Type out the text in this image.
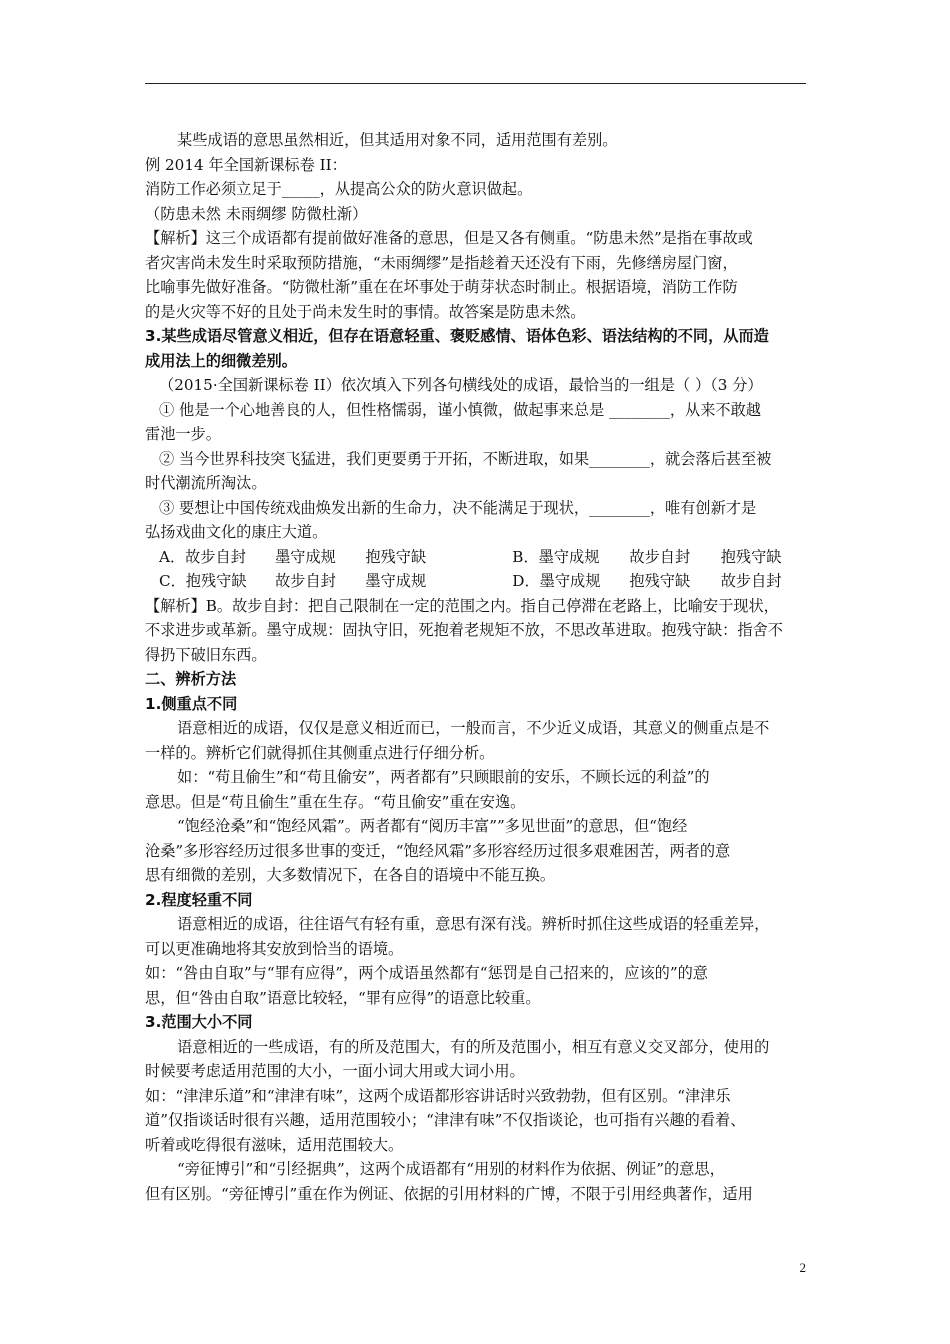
某些成语的意思虽然相近，但其适用对象不同，适用范围有差别。
例 2014 年全国新课标卷 II：
消防工作必须立足于_____，从提高公众的防火意识做起。
（防患未然 未雨绸缪 防微杜渐）
【解析】这三个成语都有提前做好准备的意思，但是又各有侧重。“防患未然”是指在事故或
者灾害尚未发生时采取预防措施，“未雨绸缪”是指趁着天还没有下雨，先修缮房屋门窗，
比喻事先做好准备。“防微杜渐”重在在坏事处于萌芽状态时制止。根据语境，消防工作防
的是火灾等不好的且处于尚未发生时的事情。故答案是防患未然。
3.某些成语尽管意义相近，但存在语意轻重、褒贬感情、语体色彩、语法结构的不同，从而造
成用法上的细微差别。
（2015·全国新课标卷 II）依次填入下列各句横线处的成语，最恰当的一组是（ ）（3 分）
① 他是一个心地善良的人，但性格懦弱，谨小慎微，做起事来总是 ________，从来不敢越
雷池一步。
② 当今世界科技突飞猛进，我们更要勇于开拓，不断进取，如果________，就会落后甚至被
时代潮流所淘汰。
③ 要想让中国传统戏曲焕发出新的生命力，决不能满足于现状，________，唯有创新才是
弘扬戏曲文化的康庄大道。
A．故步自封	墨守成规	抱残守缺	B．墨守成规	故步自封	抱残守缺
C．抱残守缺	故步自封	墨守成规	D．墨守成规	抱残守缺	故步自封
【解析】B。故步自封：把自己限制在一定的范围之内。指自己停滞在老路上，比喻安于现状，
不求进步或革新。墨守成规：固执守旧，死抱着老规矩不放，不思改革进取。抱残守缺：指舍不
得扔下破旧东西。
二、辨析方法
1.侧重点不同
语意相近的成语，仅仅是意义相近而已，一般而言，不少近义成语，其意义的侧重点是不
一样的。辨析它们就得抓住其侧重点进行仔细分析。
如：“苟且偷生”和“苟且偷安”，两者都有”只顾眼前的安乐，不顾长远的利益”的
意思。但是“苟且偷生”重在生存。“苟且偷安”重在安逸。
“饱经沧桑”和“饱经风霜”。两者都有“阅历丰富””多见世面”的意思，但“饱经
沧桑”多形容经历过很多世事的变迁，“饱经风霜”多形容经历过很多艰难困苦，两者的意
思有细微的差别，大多数情况下，在各自的语境中不能互换。
2.程度轻重不同
语意相近的成语，往往语气有轻有重，意思有深有浅。辨析时抓住这些成语的轻重差异，
可以更准确地将其安放到恰当的语境。
如：“咎由自取”与“罪有应得”，两个成语虽然都有“惩罚是自己招来的，应该的”的意
思，但“咎由自取”语意比较轻，“罪有应得”的语意比较重。
3.范围大小不同
语意相近的一些成语，有的所及范围大，有的所及范围小，相互有意义交叉部分，使用的
时候要考虑适用范围的大小，一面小词大用或大词小用。
如：“津津乐道”和“津津有味”，这两个成语都形容讲话时兴致勃勃，但有区别。“津津乐
道”仅指谈话时很有兴趣，适用范围较小；“津津有味”不仅指谈论，也可指有兴趣的看着、
听着或吃得很有滋味，适用范围较大。
“旁征博引”和“引经据典”，这两个成语都有“用别的材料作为依据、例证”的意思，
但有区别。“旁征博引”重在作为例证、依据的引用材料的广博，不限于引用经典著作，适用
2
